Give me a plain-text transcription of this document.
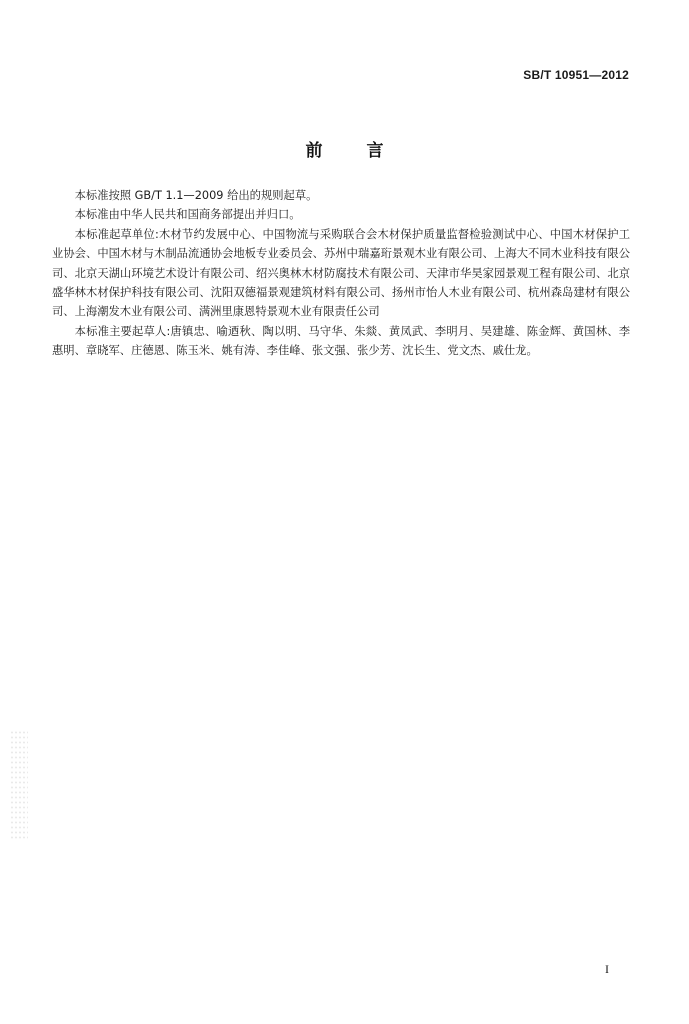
SB/T 10951—2012
前言

本标准按照 GB/T 1.1—2009 给出的规则起草。

本标准由中华人民共和国商务部提出并归口。

本标准起草单位:木材节约发展中心、中国物流与采购联合会木材保护质量监督检验测试中心、中国木材保护工业协会、中国木材与木制品流通协会地板专业委员会、苏州中瑞嘉珩景观木业有限公司、上海大不同木业科技有限公司、北京天湖山环境艺术设计有限公司、绍兴奥林木材防腐技术有限公司、天津市华昊家园景观工程有限公司、北京盛华林木材保护科技有限公司、沈阳双德福景观建筑材料有限公司、扬州市怡人木业有限公司、杭州森岛建材有限公司、上海潮发木业有限公司、满洲里康恩特景观木业有限责任公司

本标准主要起草人:唐镇忠、喻迺秋、陶以明、马守华、朱燚、黄凤武、李明月、吴建雄、陈金辉、黄国林、李惠明、章晓军、庄德恩、陈玉米、姚有涛、李佳峰、张文强、张少芳、沈长生、党文杰、戚仕龙。

I
